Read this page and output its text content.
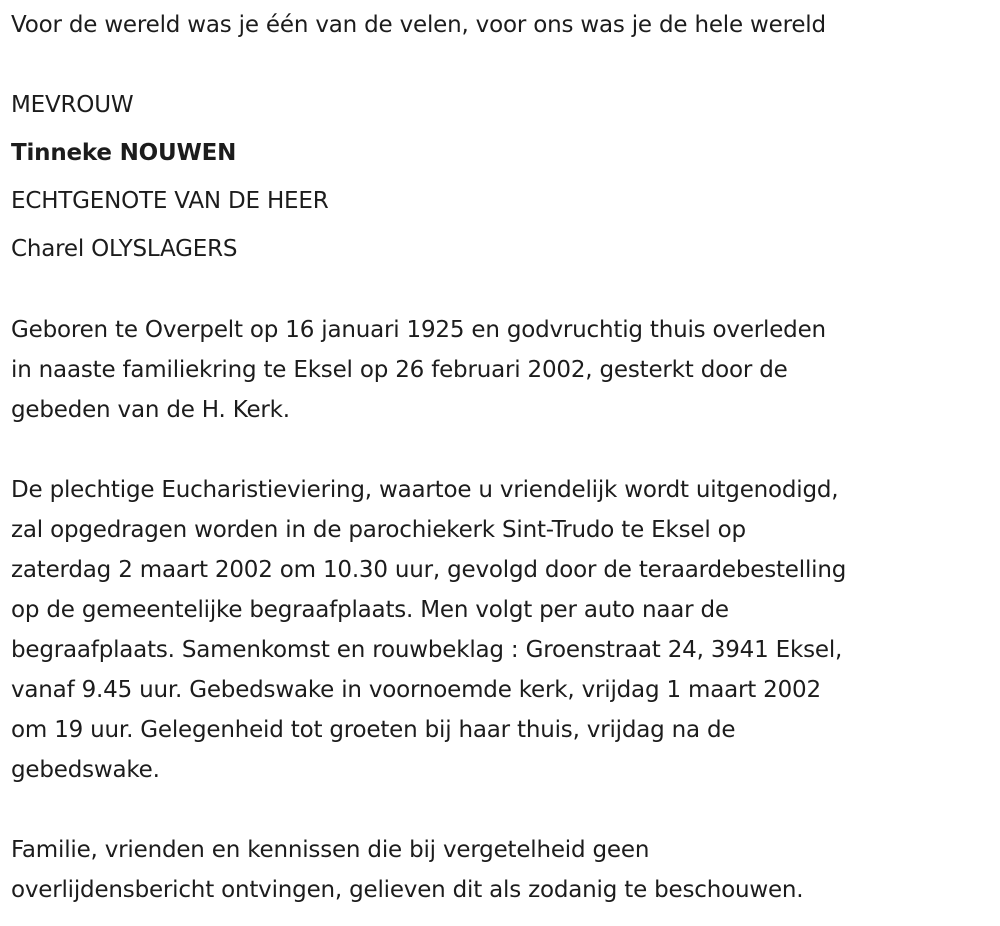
Voor de wereld was je één van de velen, voor ons was je de hele wereld
MEVROUW
Tinneke NOUWEN
ECHTGENOTE VAN DE HEER
Charel OLYSLAGERS
Geboren te Overpelt op 16 januari 1925 en godvruchtig thuis overleden
in naaste familiekring te Eksel op 26 februari 2002, gesterkt door de
gebeden van de H. Kerk.
De plechtige Eucharistieviering, waartoe u vriendelijk wordt uitgenodigd,
zal opgedragen worden in de parochiekerk Sint-Trudo te Eksel op
zaterdag 2 maart 2002 om 10.30 uur, gevolgd door de teraardebestelling
op de gemeentelijke begraafplaats. Men volgt per auto naar de
begraafplaats. Samenkomst en rouwbeklag : Groenstraat 24, 3941 Eksel,
vanaf 9.45 uur. Gebedswake in voornoemde kerk, vrijdag 1 maart 2002
om 19 uur. Gelegenheid tot groeten bij haar thuis, vrijdag na de
gebedswake.
Familie, vrienden en kennissen die bij vergetelheid geen
overlijdensbericht ontvingen, gelieven dit als zodanig te beschouwen.
